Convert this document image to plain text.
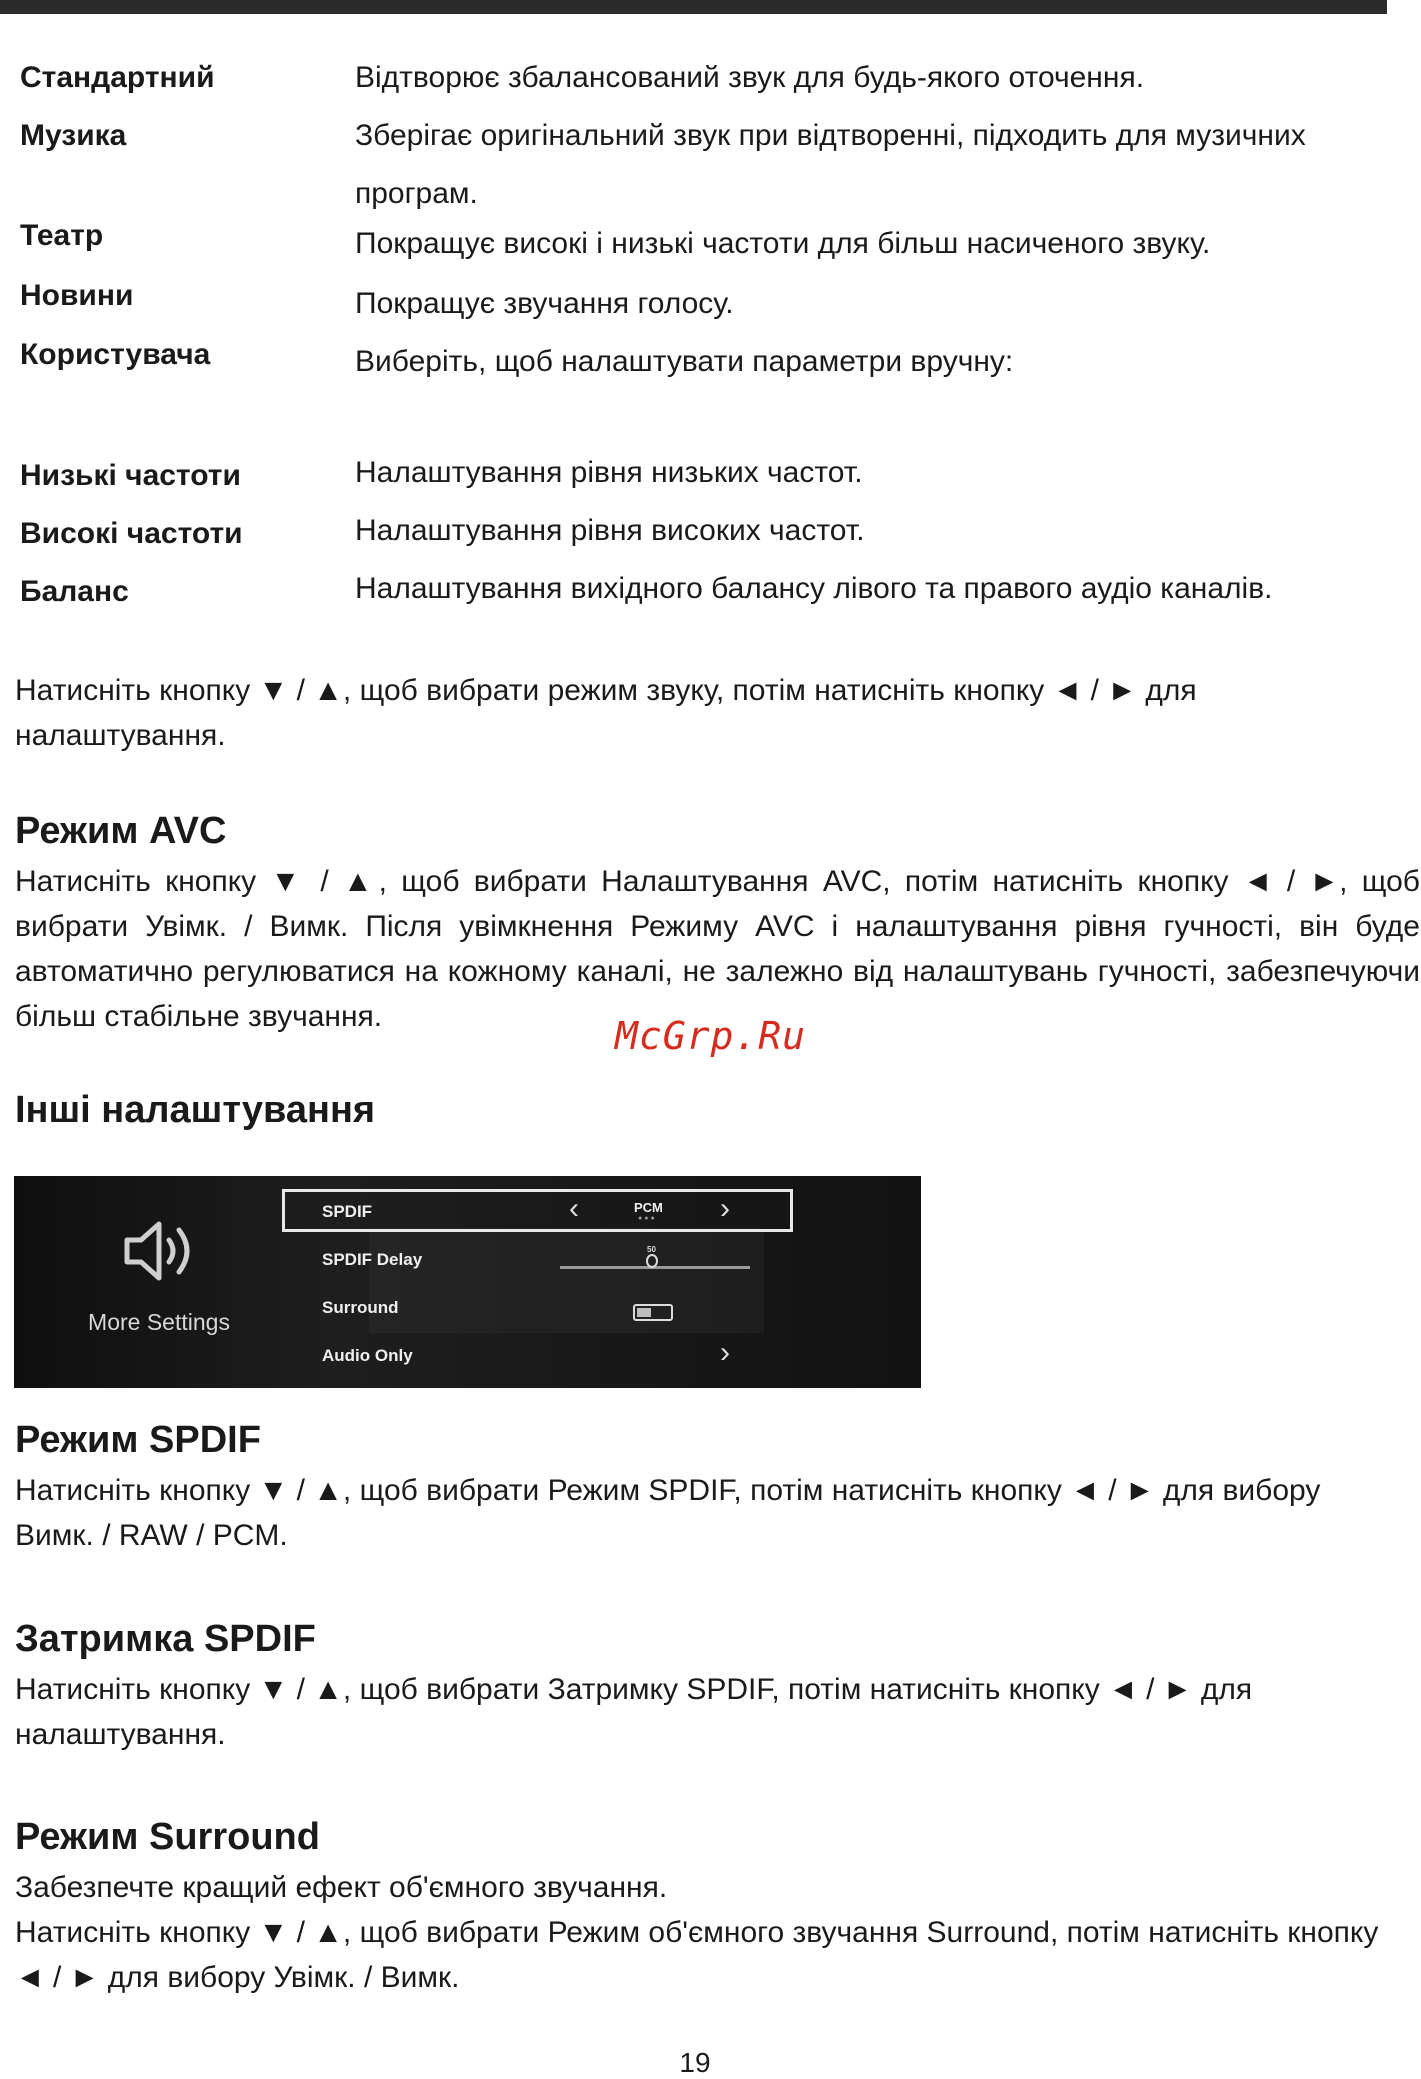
Стандартний	Відтворює збалансований звук для будь-якого оточення.
Музика	Зберігає оригінальний звук при відтворенні, підходить для музичних програм.
Театр	Покращує високі і низькі частоти для більш насиченого звуку.
Новини	Покращує звучання голосу.
Користувача	Виберіть, щоб налаштувати параметри вручну:
Низькі частоти	Налаштування рівня низьких частот.
Високі частоти	Налаштування рівня високих частот.
Баланс	Налаштування вихідного балансу лівого та правого аудіо каналів.
Натисніть кнопку ▼ / ▲, щоб вибрати режим звуку, потім натисніть кнопку ◄ / ► для налаштування.
Режим AVC
Натисніть кнопку ▼ / ▲, щоб вибрати Налаштування AVC, потім натисніть кнопку ◄ / ►, щоб вибрати Увімк. / Вимк. Після увімкнення Режиму AVC і налаштування рівня гучності, він буде автоматично регулюватися на кожному каналі, не залежно від налаштувань гучності, забезпечуючи більш стабільне звучання.	McGrp.Ru
Інші налаштування
More Settings
SPDIF	‹	PCM
●●● ›
SPDIF Delay
50
Surround
Audio Only	›
Режим SPDIF
Натисніть кнопку ▼ / ▲, щоб вибрати Режим SPDIF, потім натисніть кнопку ◄ / ► для вибору Вимк. / RAW / PCM.
Затримка SPDIF
Натисніть кнопку ▼ / ▲, щоб вибрати Затримку SPDIF, потім натисніть кнопку ◄ / ► для налаштування.
Режим Surround
Забезпечте кращий ефект об'ємного звучання.
Натисніть кнопку ▼ / ▲, щоб вибрати Режим об'ємного звучання Surround, потім натисніть кнопку ◄ / ► для вибору Увімк. / Вимк.
19
